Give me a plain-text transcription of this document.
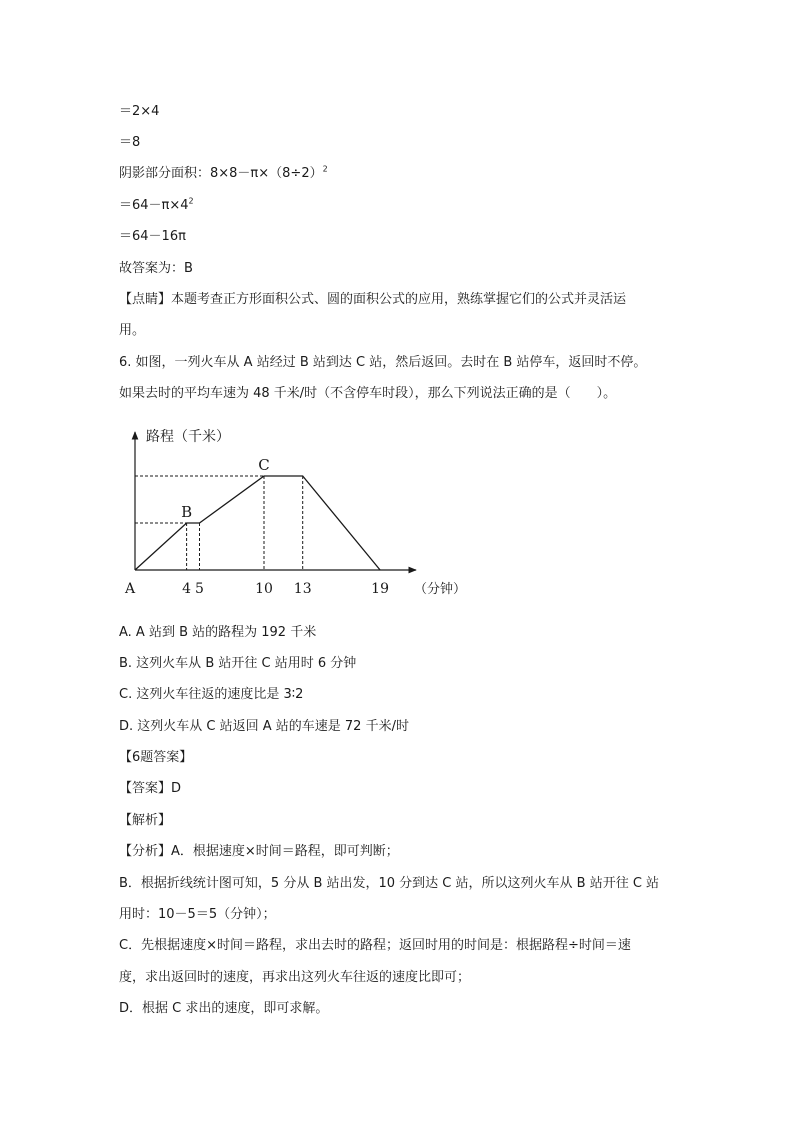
＝2×4
＝8
阴影部分面积：$8\times 8-\pi\times(8\div 2)^2$
$=64-\pi\times 4^2$
＝64－16π
故答案为：B
【点睛】本题考查正方形面积公式、圆的面积公式的应用，熟练掌握它们的公式并灵活运
用。
6. 如图，一列火车从 A 站经过 B 站到达 C 站，然后返回。去时在 B 站停车，返回时不停。
如果去时的平均车速为 48 千米/时（不含停车时段），那么下列说法正确的是（　　）。
4 5	10 13	19
B
C
路程（千米）
（分钟）
A
A. A 站到 B 站的路程为 192 千米
B. 这列火车从 B 站开往 C 站用时 6 分钟
C. 这列火车往返的速度比是 3∶2
D. 这列火车从 C 站返回 A 站的车速是 72 千米/时
【6题答案】
【答案】D
【解析】
【分析】A．根据速度×时间＝路程，即可判断；
B．根据折线统计图可知，5 分从 B 站出发，10 分到达 C 站，所以这列火车从 B 站开往 C 站
用时：10－5＝5（分钟）；
C．先根据速度×时间＝路程，求出去时的路程；返回时用的时间是：根据路程÷时间＝速
度，求出返回时的速度，再求出这列火车往返的速度比即可；
D．根据 C 求出的速度，即可求解。
